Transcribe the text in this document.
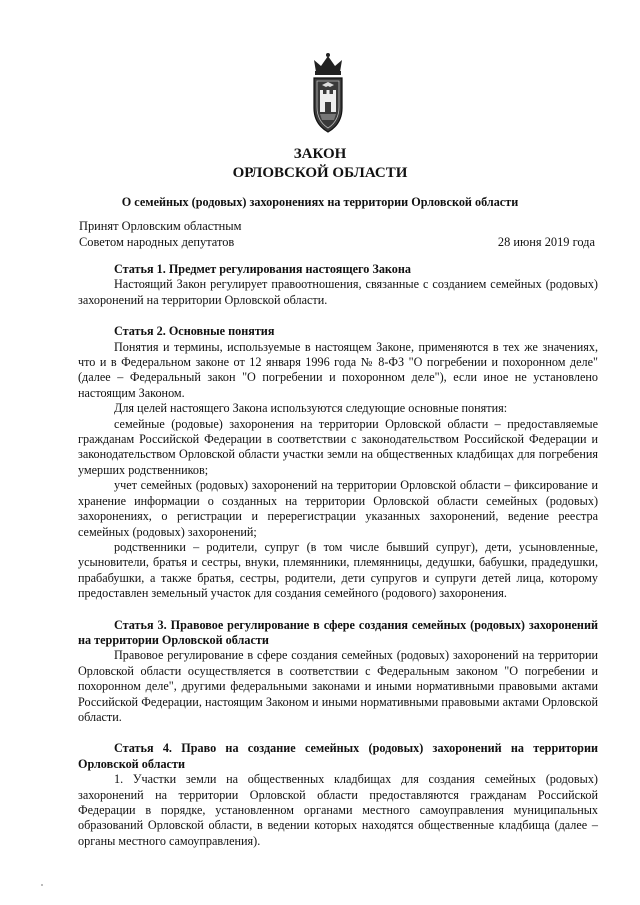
ЗАКОН
ОРЛОВСКОЙ ОБЛАСТИ
О семейных (родовых) захоронениях на территории Орловской области
Принят Орловским областным
Советом народных депутатов	28 июня 2019 года
Статья 1. Предмет регулирования настоящего Закона

Настоящий Закон регулирует правоотношения, связанные с созданием семейных (родовых) захоронений на территории Орловской области.

Статья 2. Основные понятия

Понятия и термины, используемые в настоящем Законе, применяются в тех же значениях, что и в Федеральном законе от 12 января 1996 года № 8-ФЗ "О погребении и похоронном деле" (далее – Федеральный закон "О погребении и похоронном деле"), если иное не установлено настоящим Законом.

Для целей настоящего Закона используются следующие основные понятия:

семейные (родовые) захоронения на территории Орловской области – предоставляемые гражданам Российской Федерации в соответствии с законодательством Российской Федерации и законодательством Орловской области участки земли на общественных кладбищах для погребения умерших родственников;

учет семейных (родовых) захоронений на территории Орловской области – фиксирование и хранение информации о созданных на территории Орловской области семейных (родовых) захоронениях, о регистрации и перерегистрации указанных захоронений, ведение реестра семейных (родовых) захоронений;

родственники – родители, супруг (в том числе бывший супруг), дети, усыновленные, усыновители, братья и сестры, внуки, племянники, племянницы, дедушки, бабушки, прадедушки, прабабушки, а также братья, сестры, родители, дети супругов и супруги детей лица, которому предоставлен земельный участок для создания семейного (родового) захоронения.

Статья 3. Правовое регулирование в сфере создания семейных (родовых) захоронений на территории Орловской области

Правовое регулирование в сфере создания семейных (родовых) захоронений на территории Орловской области осуществляется в соответствии с Федеральным законом "О погребении и похоронном деле", другими федеральными законами и иными нормативными правовыми актами Российской Федерации, настоящим Законом и иными нормативными правовыми актами Орловской области.

Статья 4. Право на создание семейных (родовых) захоронений на территории Орловской области

1. Участки земли на общественных кладбищах для создания семейных (родовых) захоронений на территории Орловской области предоставляются гражданам Российской Федерации в порядке, установленном органами местного самоуправления муниципальных образований Орловской области, в ведении которых находятся общественные кладбища (далее – органы местного самоуправления).
